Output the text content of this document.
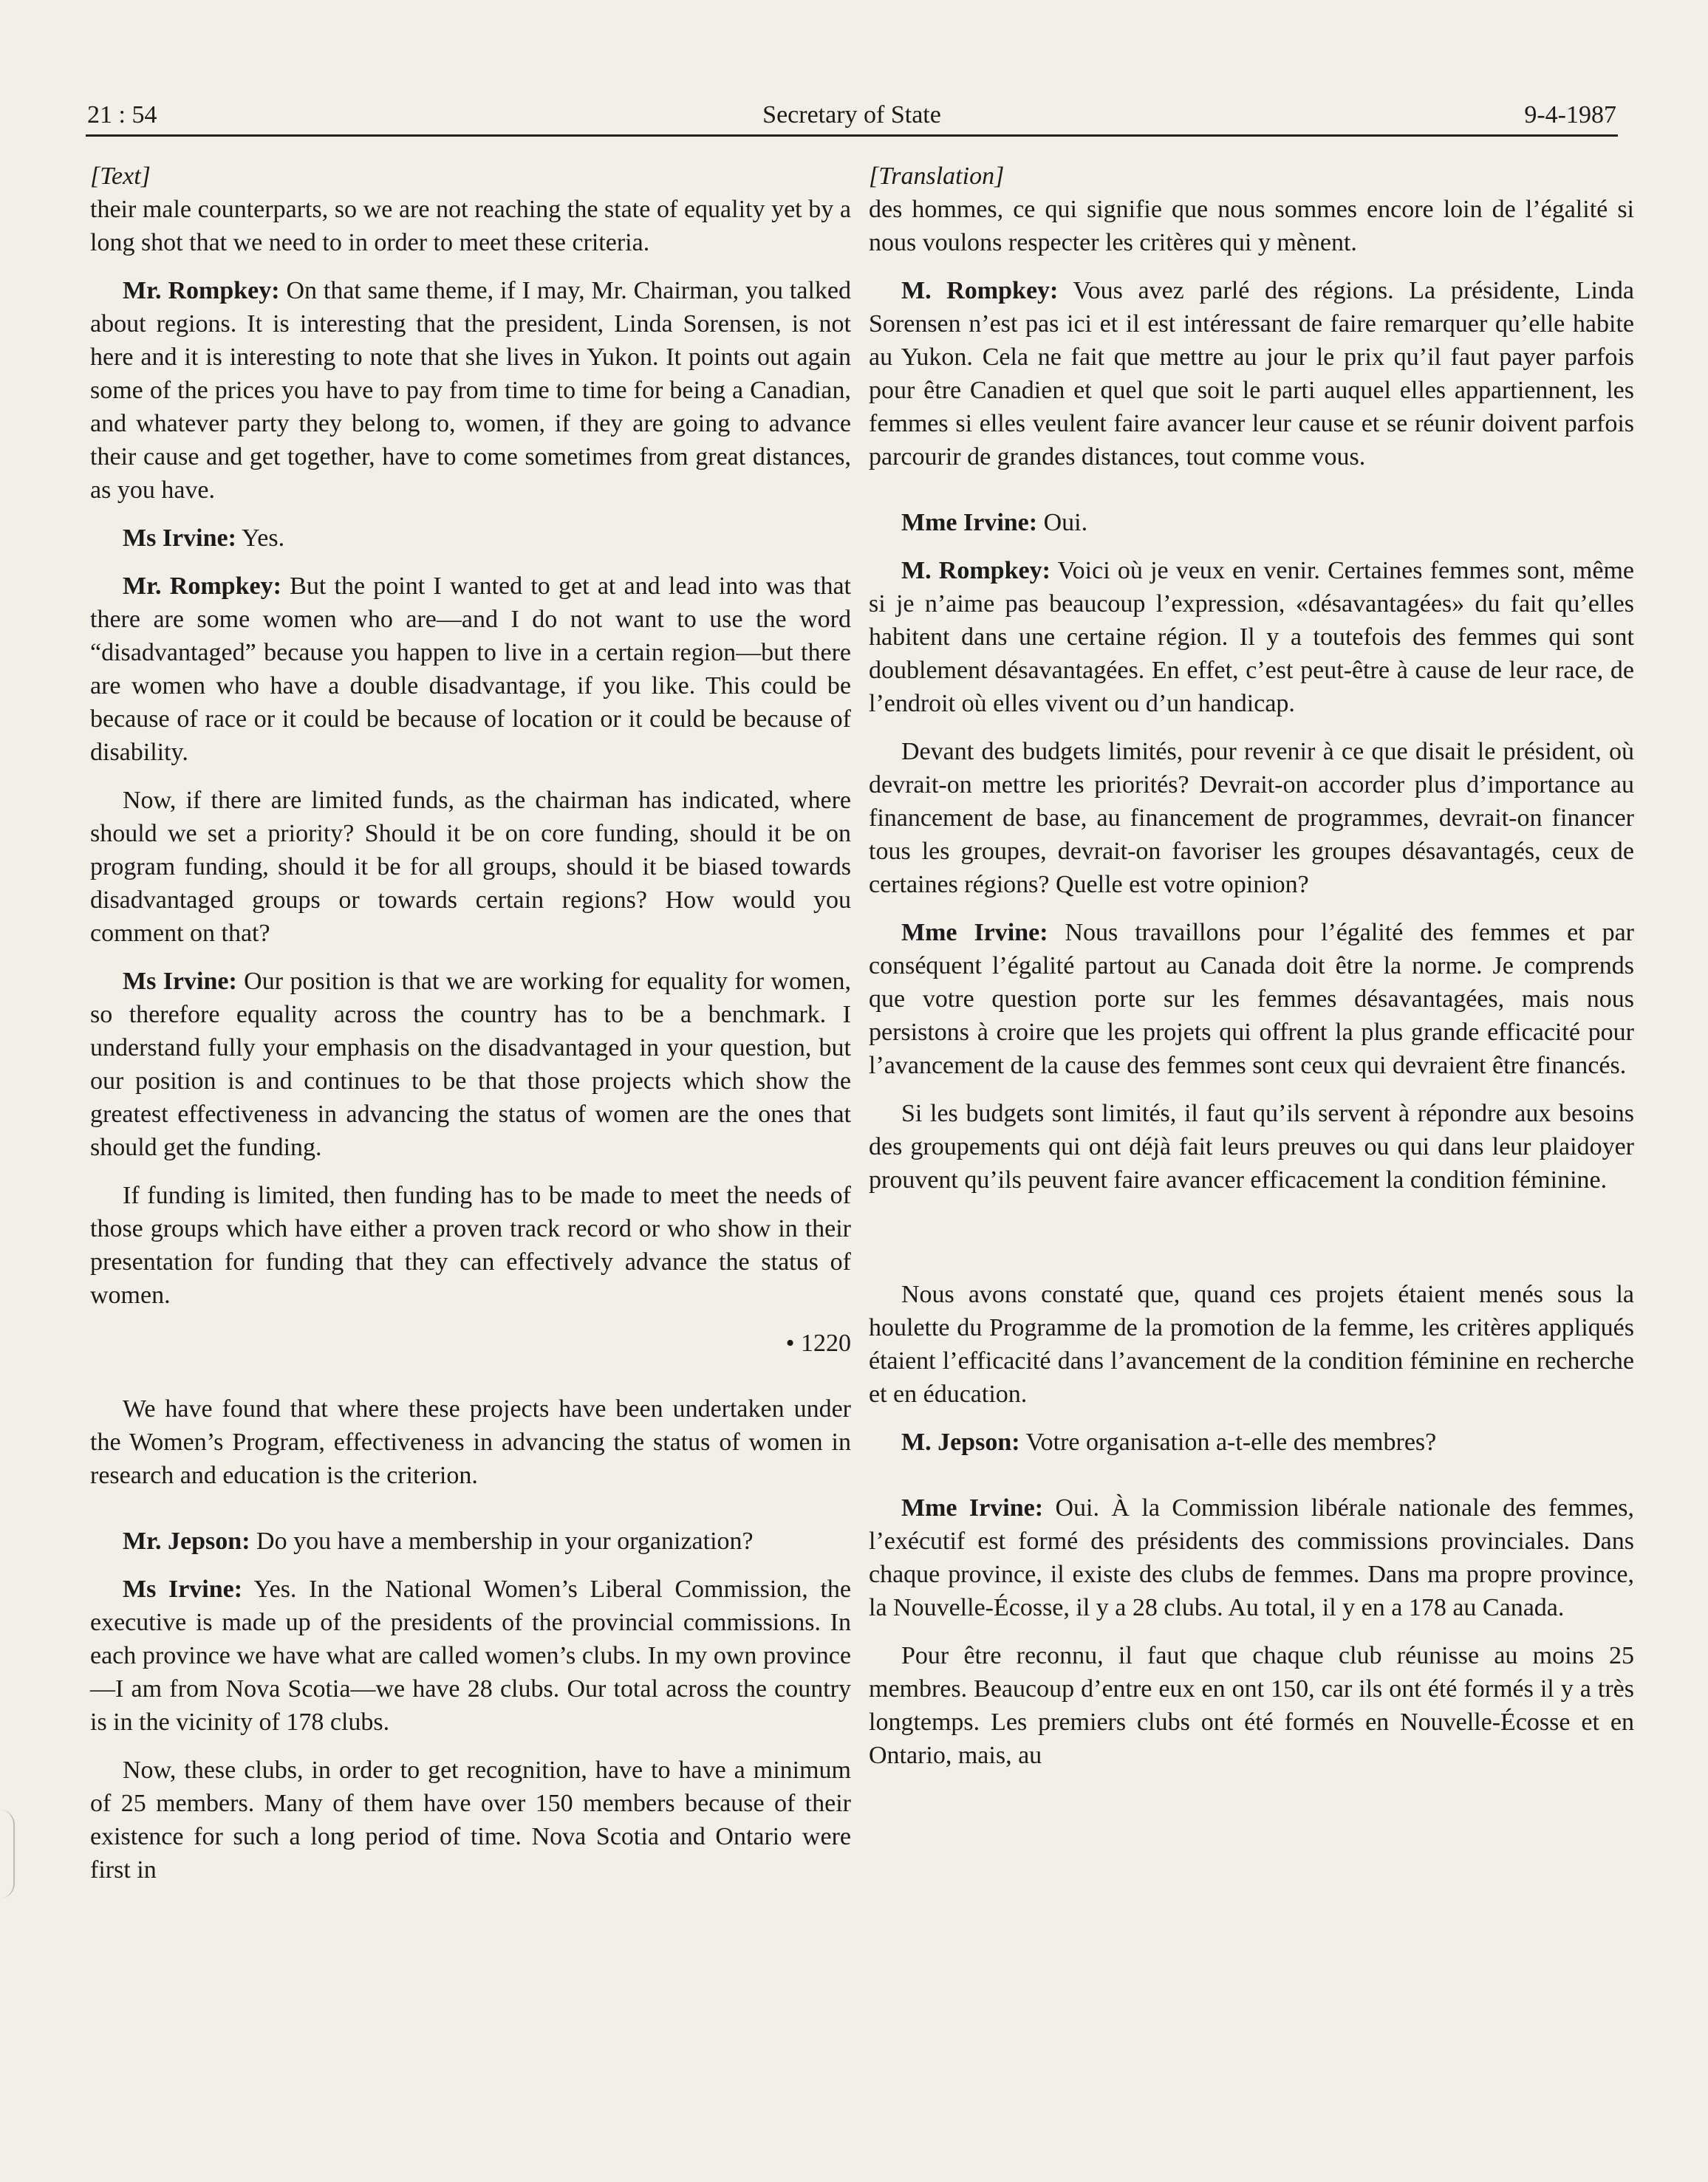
21 : 54	Secretary of State	9-4-1987

[Text]

their male counterparts, so we are not reaching the state of equality yet by a long shot that we need to in order to meet these criteria.

Mr. Rompkey: On that same theme, if I may, Mr. Chairman, you talked about regions. It is interesting that the president, Linda Sorensen, is not here and it is interesting to note that she lives in Yukon. It points out again some of the prices you have to pay from time to time for being a Canadian, and whatever party they belong to, women, if they are going to advance their cause and get together, have to come sometimes from great distances, as you have.

Ms Irvine: Yes.

Mr. Rompkey: But the point I wanted to get at and lead into was that there are some women who are—and I do not want to use the word “disadvantaged” because you happen to live in a certain region—but there are women who have a double disadvantage, if you like. This could be because of race or it could be because of location or it could be because of disability.

Now, if there are limited funds, as the chairman has indicated, where should we set a priority? Should it be on core funding, should it be on program funding, should it be for all groups, should it be biased towards disadvantaged groups or towards certain regions? How would you comment on that?

Ms Irvine: Our position is that we are working for equality for women, so therefore equality across the country has to be a benchmark. I understand fully your emphasis on the disadvantaged in your question, but our position is and continues to be that those projects which show the greatest effectiveness in advancing the status of women are the ones that should get the funding.

If funding is limited, then funding has to be made to meet the needs of those groups which have either a proven track record or who show in their presentation for funding that they can effectively advance the status of women.

• 1220

We have found that where these projects have been undertaken under the Women’s Program, effectiveness in advancing the status of women in research and education is the criterion.

Mr. Jepson: Do you have a membership in your organization?

Ms Irvine: Yes. In the National Women’s Liberal Commission, the executive is made up of the presidents of the provincial commissions. In each province we have what are called women’s clubs. In my own province—I am from Nova Scotia—we have 28 clubs. Our total across the country is in the vicinity of 178 clubs.

Now, these clubs, in order to get recognition, have to have a minimum of 25 members. Many of them have over 150 members because of their existence for such a long period of time. Nova Scotia and Ontario were first in

[Translation]

des hommes, ce qui signifie que nous sommes encore loin de l’égalité si nous voulons respecter les critères qui y mènent.

M. Rompkey: Vous avez parlé des régions. La présidente, Linda Sorensen n’est pas ici et il est intéressant de faire remarquer qu’elle habite au Yukon. Cela ne fait que mettre au jour le prix qu’il faut payer parfois pour être Canadien et quel que soit le parti auquel elles appartiennent, les femmes si elles veulent faire avancer leur cause et se réunir doivent parfois parcourir de grandes distances, tout comme vous.

Mme Irvine: Oui.

M. Rompkey: Voici où je veux en venir. Certaines femmes sont, même si je n’aime pas beaucoup l’expression, «désavantagées» du fait qu’elles habitent dans une certaine région. Il y a toutefois des femmes qui sont doublement désavantagées. En effet, c’est peut-être à cause de leur race, de l’endroit où elles vivent ou d’un handicap.

Devant des budgets limités, pour revenir à ce que disait le président, où devrait-on mettre les priorités? Devrait-on accorder plus d’importance au financement de base, au financement de programmes, devrait-on financer tous les groupes, devrait-on favoriser les groupes désavantagés, ceux de certaines régions? Quelle est votre opinion?

Mme Irvine: Nous travaillons pour l’égalité des femmes et par conséquent l’égalité partout au Canada doit être la norme. Je comprends que votre question porte sur les femmes désavantagées, mais nous persistons à croire que les projets qui offrent la plus grande efficacité pour l’avancement de la cause des femmes sont ceux qui devraient être financés.

Si les budgets sont limités, il faut qu’ils servent à répondre aux besoins des groupements qui ont déjà fait leurs preuves ou qui dans leur plaidoyer prouvent qu’ils peuvent faire avancer efficacement la condition féminine.

Nous avons constaté que, quand ces projets étaient menés sous la houlette du Programme de la promotion de la femme, les critères appliqués étaient l’efficacité dans l’avancement de la condition féminine en recherche et en éducation.

M. Jepson: Votre organisation a-t-elle des membres?

Mme Irvine: Oui. À la Commission libérale nationale des femmes, l’exécutif est formé des présidents des commissions provinciales. Dans chaque province, il existe des clubs de femmes. Dans ma propre province, la Nouvelle-Écosse, il y a 28 clubs. Au total, il y en a 178 au Canada.

Pour être reconnu, il faut que chaque club réunisse au moins 25 membres. Beaucoup d’entre eux en ont 150, car ils ont été formés il y a très longtemps. Les premiers clubs ont été formés en Nouvelle-Écosse et en Ontario, mais, au
